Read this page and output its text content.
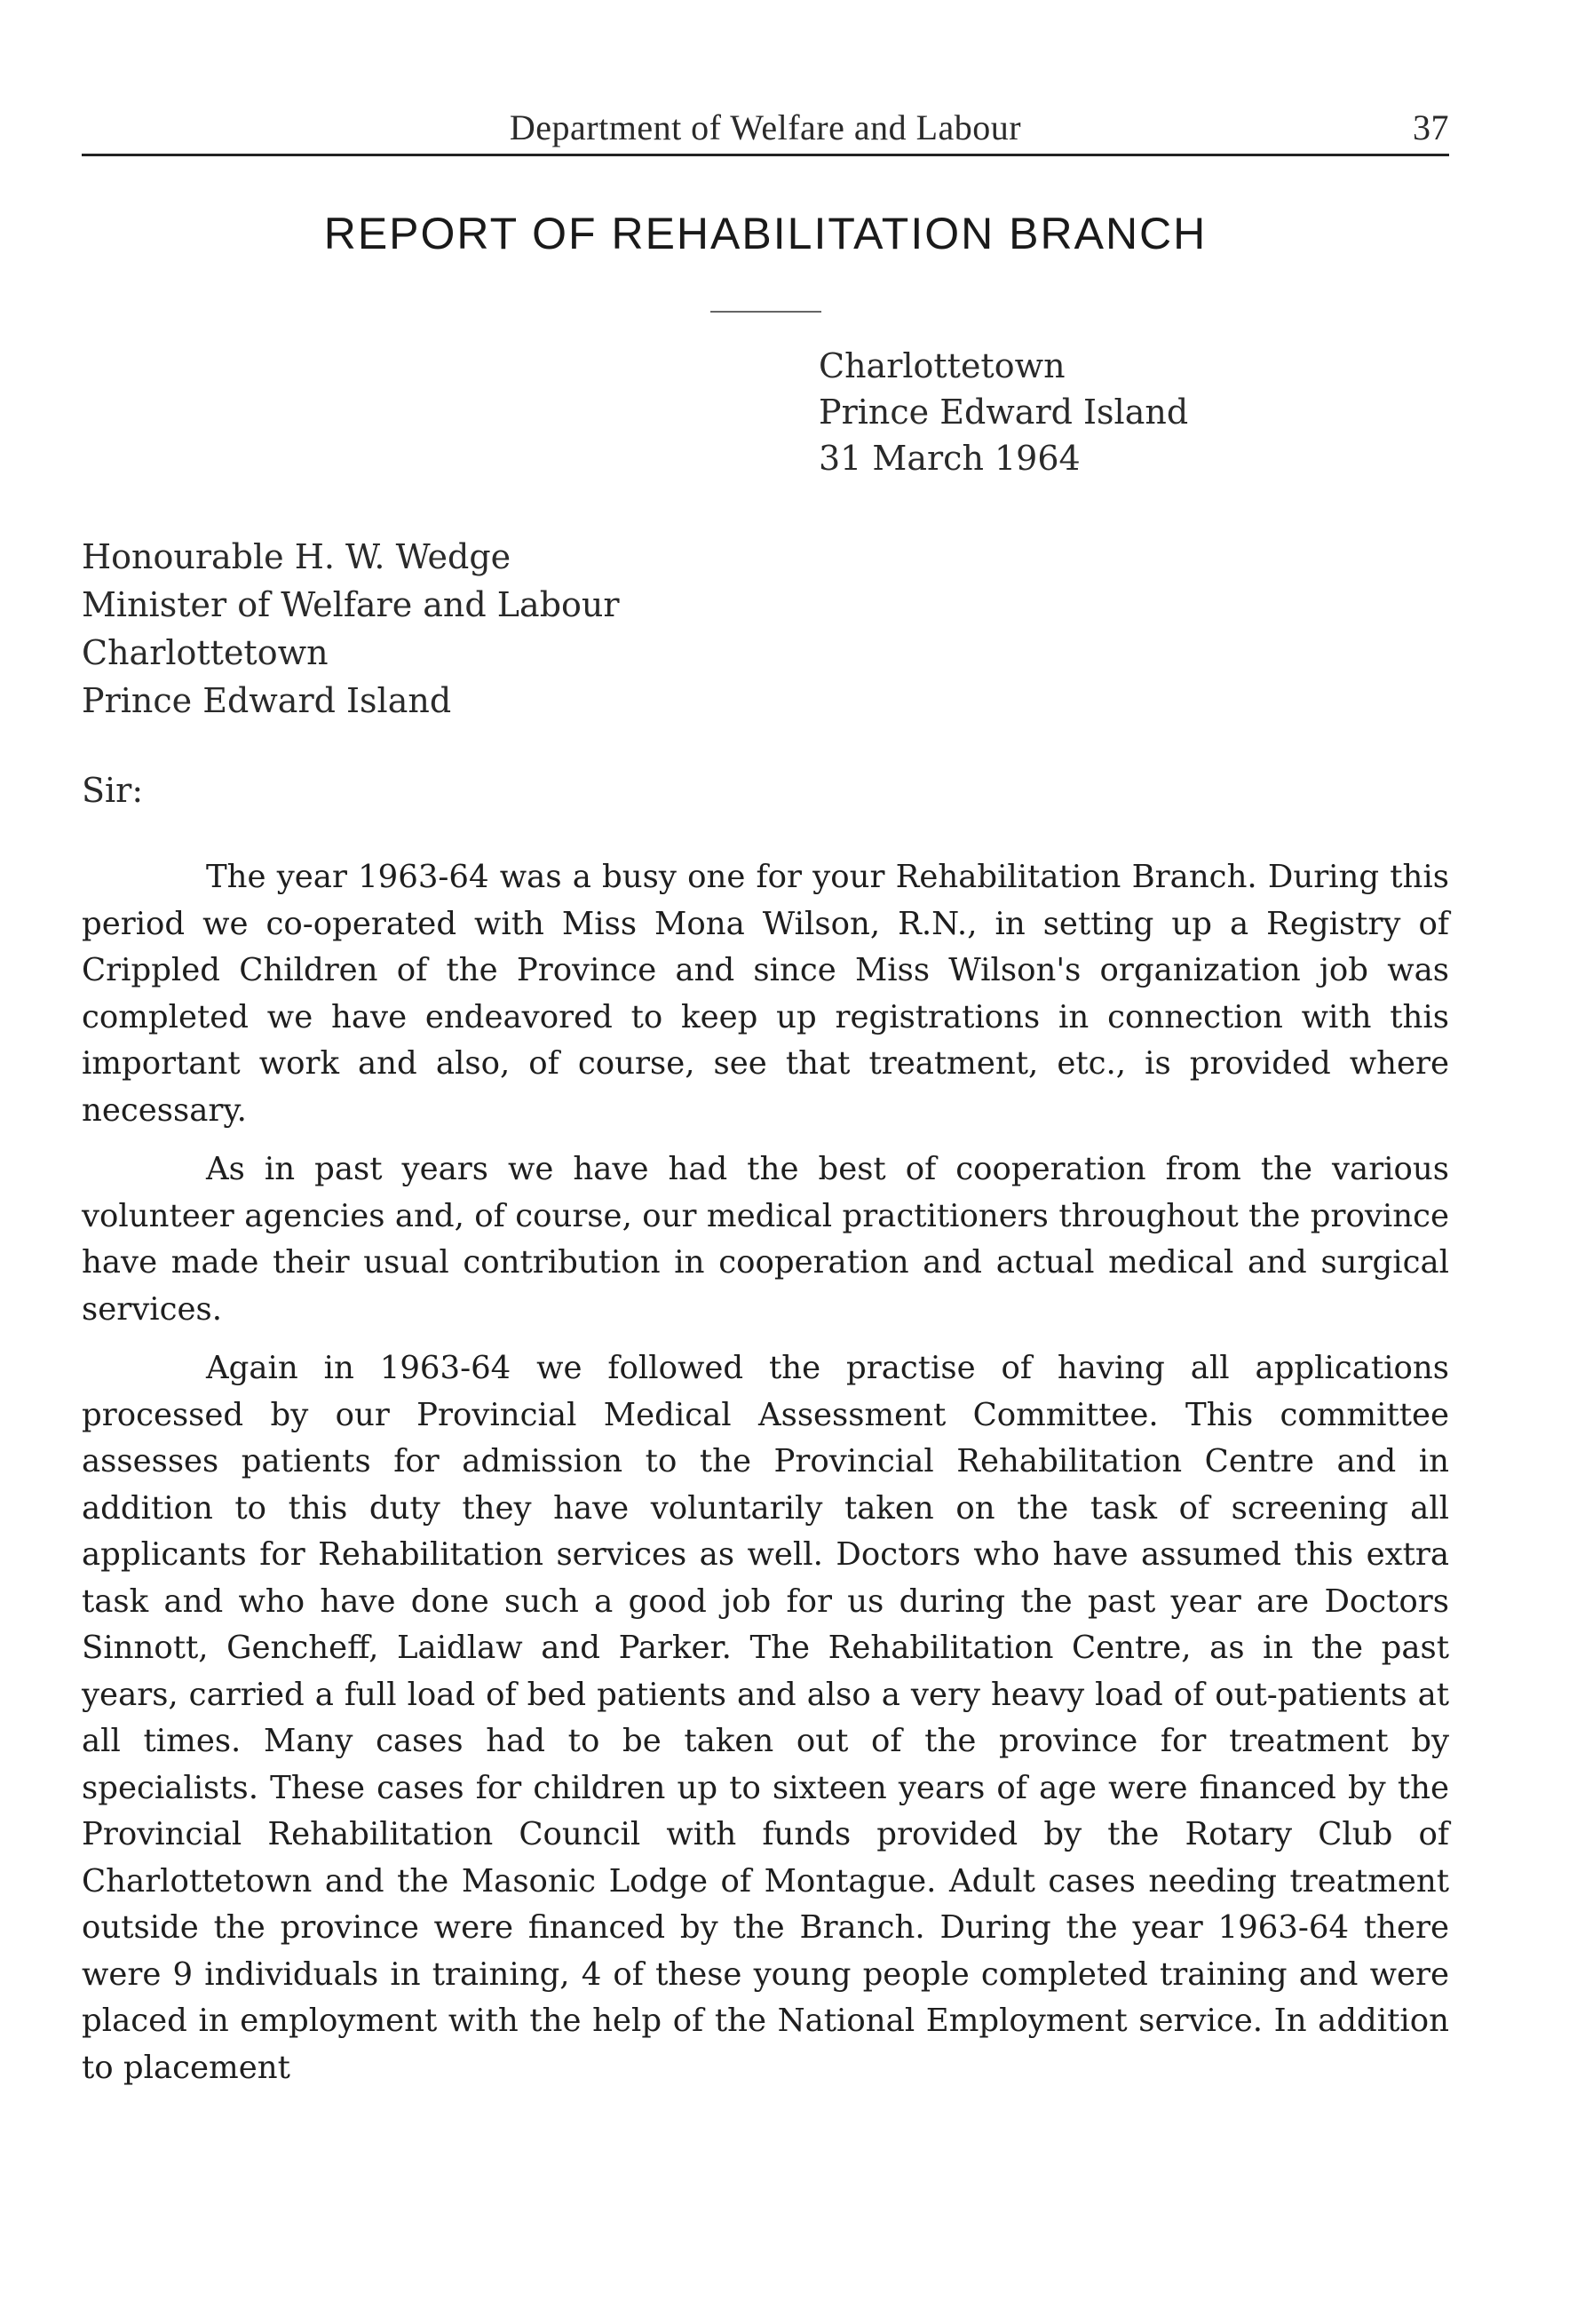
Department of Welfare and Labour	37
REPORT OF REHABILITATION BRANCH
Charlottetown
Prince Edward Island
31 March 1964
Honourable H. W. Wedge
Minister of Welfare and Labour
Charlottetown
Prince Edward Island
Sir:

The year 1963-64 was a busy one for your Rehabilitation Branch. During this period we co-operated with Miss Mona Wilson, R.N., in setting up a Registry of Crippled Children of the Province and since Miss Wilson's organization job was completed we have endeavored to keep up registrations in connection with this important work and also, of course, see that treatment, etc., is provided where necessary.

As in past years we have had the best of cooperation from the various volunteer agencies and, of course, our medical practitioners throughout the province have made their usual contribution in cooperation and actual medical and surgical services.

Again in 1963-64 we followed the practise of having all applications processed by our Provincial Medical Assessment Committee. This committee assesses patients for admission to the Provincial Rehabilitation Centre and in addition to this duty they have voluntarily taken on the task of screening all applicants for Rehabilitation services as well. Doctors who have assumed this extra task and who have done such a good job for us during the past year are Doctors Sinnott, Gencheff, Laidlaw and Parker. The Rehabilitation Centre, as in the past years, carried a full load of bed patients and also a very heavy load of out-patients at all times. Many cases had to be taken out of the province for treatment by specialists. These cases for children up to sixteen years of age were financed by the Provincial Rehabilitation Council with funds provided by the Rotary Club of Charlottetown and the Masonic Lodge of Montague. Adult cases needing treatment outside the province were financed by the Branch. During the year 1963-64 there were 9 individuals in training, 4 of these young people completed training and were placed in employment with the help of the National Employment service. In addition to placement
